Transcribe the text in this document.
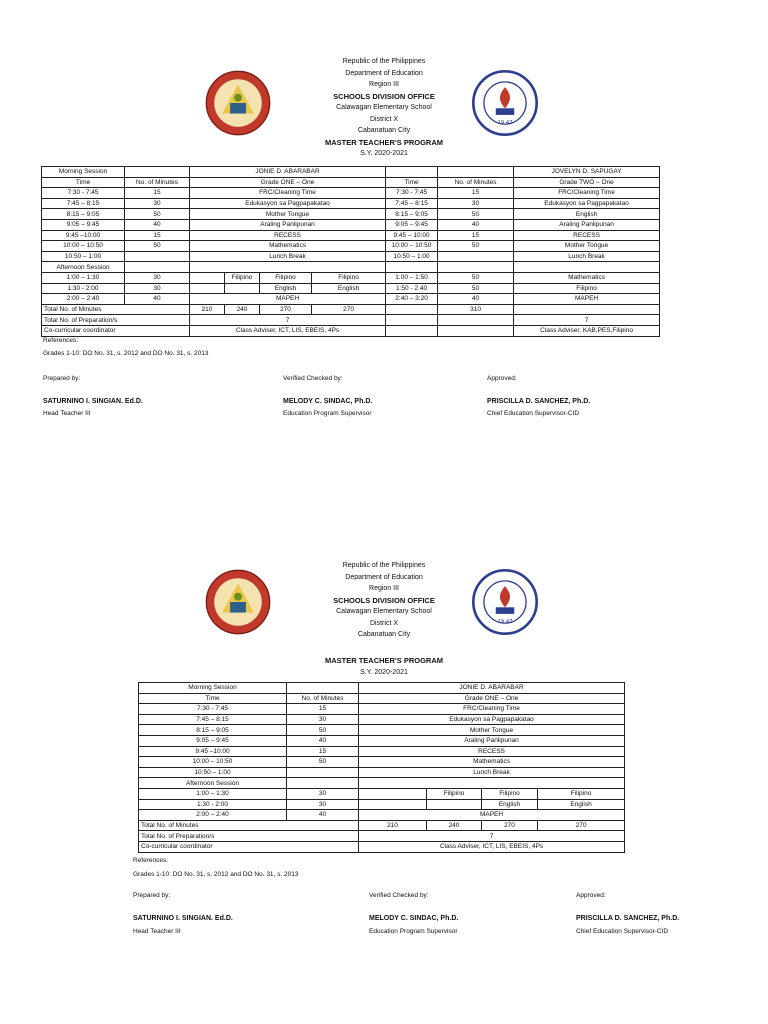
19 47
Republic of the Philippines
Department of Education
Region III
SCHOOLS DIVISION OFFICE
Calawagan Elementary School
District X
Cabanatuan City
MASTER TEACHER'S PROGRAM
S.Y. 2020-2021
Morning Session		JONIE D. ABARABAR						JOVELYN D. SAPUGAY
Time	No. of Minutes	Grade ONE – One				Time	No. of Minutes	Grade TWO – One
7:30 - 7:45	15	FRC/Cleaning Time				7:30 - 7:45	15	FRC/Cleaning Time
7:45 – 8:15	30	Edukasyon sa Pagpapakatao				7:45 – 8:15	30	Edukasyon sa Pagpapakatao
8:15 – 9:05	50	Mother Tongue				8:15 – 9:05	50	English
9:05 – 9:45	40	Araling Panlipunan				9:05 – 9:45	40	Araling Panlipunan
9:45 –10:00	15	RECESS				9:45 – 10:00	15	RECESS
10:00 – 10:50	50	Mathematics				10:00 – 10:50	50	Mother Tongue
10:50 – 1:00		Lunch Break				10:50 – 1:00		Lunch Break
Afternoon Session								
1:00 – 1:30	30		Filipino	Filipino	Filipino	1:00 – 1:50	50	Mathematics
1:30 - 2:00	30			English	English	1:50 - 2:40	50	Filipino
2:00 – 2:40	40	MAPEH				2:40 – 3:20	40	MAPEH
Total No. of Minutes		210	240	270	270		310	
Total No. of Preparation/s		7						7
Co-curricular coordinator		Class Adviser, ICT, LIS, EBEIS, 4Ps						Class Adviser, KAB,PES,Filipino
References:
Grades 1-10: DO No. 31, s. 2012 and DO No. 31, s. 2013
Prepared by:	Verified Checked by:	Approved:
SATURNINO I. SINGIAN. Ed.D.	MELODY C. SINDAC, Ph.D.	PRISCILLA D. SANCHEZ, Ph.D.
Head Teacher III	Education Program Supervisor	Chief Education Supervisor-CID
19 47
Republic of the Philippines
Department of Education
Region III
SCHOOLS DIVISION OFFICE
Calawagan Elementary School
District X
Cabanatuan City
MASTER TEACHER'S PROGRAM
S.Y. 2020-2021
Morning Session		JONIE D. ABARABAR			
Time	No. of Minutes	Grade ONE – One			
7:30 - 7:45	15	FRC/Cleaning Time			
7:45 – 8:15	30	Edukasyon sa Pagpapakatao			
8:15 – 9:05	50	Mother Tongue			
9:05 – 9:45	40	Araling Panlipunan			
9:45 –10:00	15	RECESS			
10:00 – 10:50	50	Mathematics			
10:50 – 1:00		Lunch Break			
Afternoon Session					
1:00 – 1:30	30		Filipino	Filipino	Filipino
1:30 - 2:00	30			English	English
2:00 – 2:40	40	MAPEH			
Total No. of Minutes		210	240	270	270
Total No. of Preparation/s		7			
Co-curricular coordinator		Class Adviser, ICT, LIS, EBEIS, 4Ps			
References:
Grades 1-10: DO No. 31, s. 2012 and DO No. 31, s. 2013
Prepared by:	Verified Checked by:	Approved:
SATURNINO I. SINGIAN. Ed.D.	MELODY C. SINDAC, Ph.D.	PRISCILLA D. SANCHEZ, Ph.D.
Head Teacher III	Education Program Supervisor	Chief Education Supervisor-CID
